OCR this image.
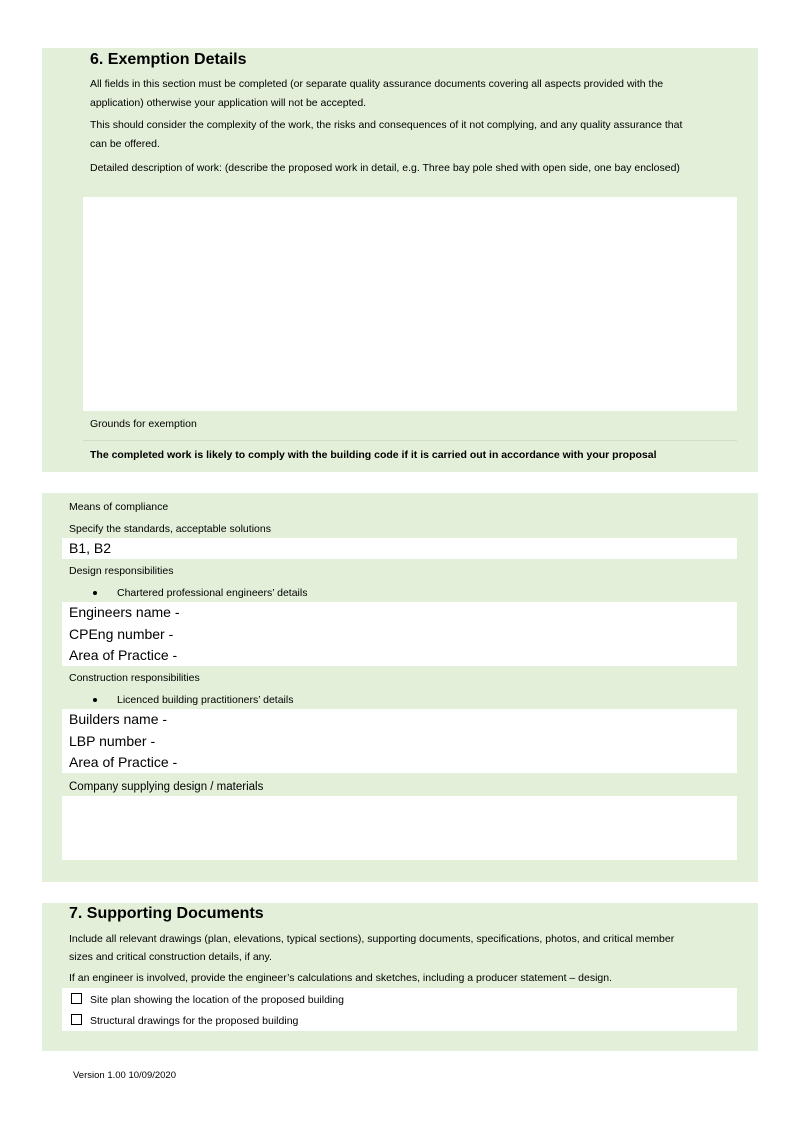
6. Exemption Details
All fields in this section must be completed (or separate quality assurance documents covering all aspects provided with the
application) otherwise your application will not be accepted.
This should consider the complexity of the work, the risks and consequences of it not complying, and any quality assurance that
can be offered.
Detailed description of work: (describe the proposed work in detail, e.g. Three bay pole shed with open side, one bay enclosed)
Grounds for exemption
The completed work is likely to comply with the building code if it is carried out in accordance with your proposal
Means of compliance
Specify the standards, acceptable solutions
B1, B2
Design responsibilities
Chartered professional engineers’ details
Engineers name -
CPEng number -
Area of Practice -
Construction responsibilities
Licenced building practitioners’ details
Builders name -
LBP number -
Area of Practice -
Company supplying design / materials
7. Supporting Documents
Include all relevant drawings (plan, elevations, typical sections), supporting documents, specifications, photos, and critical member
sizes and critical construction details, if any.
If an engineer is involved, provide the engineer’s calculations and sketches, including a producer statement – design.
Site plan showing the location of the proposed building
Structural drawings for the proposed building
Version 1.00 10/09/2020
